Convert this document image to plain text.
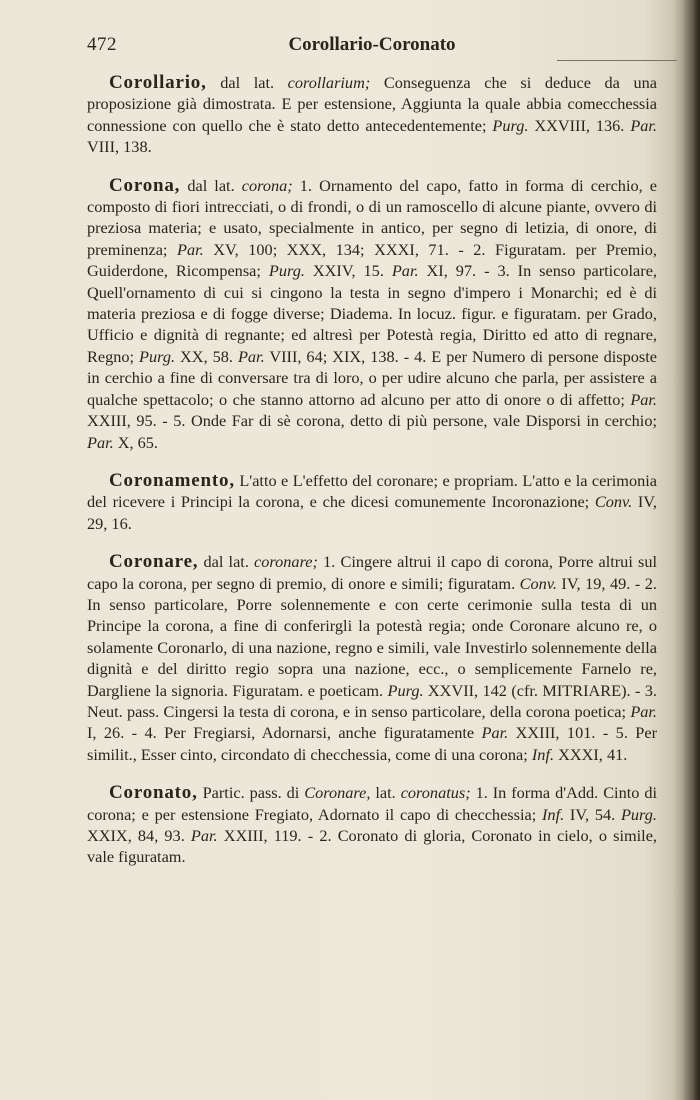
472	Corollario-Coronato

Corollario, dal lat. corollarium; Conseguenza che si deduce da una proposizione già dimostrata. E per estensione, Aggiunta la quale abbia comecchessia connessione con quello che è stato detto antecedentemente; Purg. XXVIII, 136. Par. VIII, 138.

Corona, dal lat. corona; 1. Ornamento del capo, fatto in forma di cerchio, e composto di fiori intrecciati, o di frondi, o di un ramoscello di alcune piante, ovvero di preziosa materia; e usato, specialmente in antico, per segno di letizia, di onore, di preminenza; Par. XV, 100; XXX, 134; XXXI, 71. - 2. Figuratam. per Premio, Guiderdone, Ricompensa; Purg. XXIV, 15. Par. XI, 97. - 3. In senso particolare, Quell'ornamento di cui si cingono la testa in segno d'impero i Monarchi; ed è di materia preziosa e di fogge diverse; Diadema. In locuz. figur. e figuratam. per Grado, Ufficio e dignità di regnante; ed altresì per Potestà regia, Diritto ed atto di regnare, Regno; Purg. XX, 58. Par. VIII, 64; XIX, 138. - 4. E per Numero di persone disposte in cerchio a fine di conversare tra di loro, o per udire alcuno che parla, per assistere a qualche spettacolo; o che stanno attorno ad alcuno per atto di onore o di affetto; Par. XXIII, 95. - 5. Onde Far di sè corona, detto di più persone, vale Disporsi in cerchio; Par. X, 65.

Coronamento, L'atto e L'effetto del coronare; e propriam. L'atto e la cerimonia del ricevere i Principi la corona, e che dicesi comunemente Incoronazione; Conv. IV, 29, 16.

Coronare, dal lat. coronare; 1. Cingere altrui il capo di corona, Porre altrui sul capo la corona, per segno di premio, di onore e simili; figuratam. Conv. IV, 19, 49. - 2. In senso particolare, Porre solennemente e con certe cerimonie sulla testa di un Principe la corona, a fine di conferirgli la potestà regia; onde Coronare alcuno re, o solamente Coronarlo, di una nazione, regno e simili, vale Investirlo solennemente della dignità e del diritto regio sopra una nazione, ecc., o semplicemente Farnelo re, Dargliene la signoria. Figuratam. e poeticam. Purg. XXVII, 142 (cfr. MITRIARE). - 3. Neut. pass. Cingersi la testa di corona, e in senso particolare, della corona poetica; Par. I, 26. - 4. Per Fregiarsi, Adornarsi, anche figuratamente Par. XXIII, 101. - 5. Per similit., Esser cinto, circondato di checchessia, come di una corona; Inf. XXXI, 41.

Coronato, Partic. pass. di Coronare, lat. coronatus; 1. In forma d'Add. Cinto di corona; e per estensione Fregiato, Adornato il capo di checchessia; Inf. IV, 54. Purg. XXIX, 84, 93. Par. XXIII, 119. - 2. Coronato di gloria, Coronato in cielo, o simile, vale figuratam.
